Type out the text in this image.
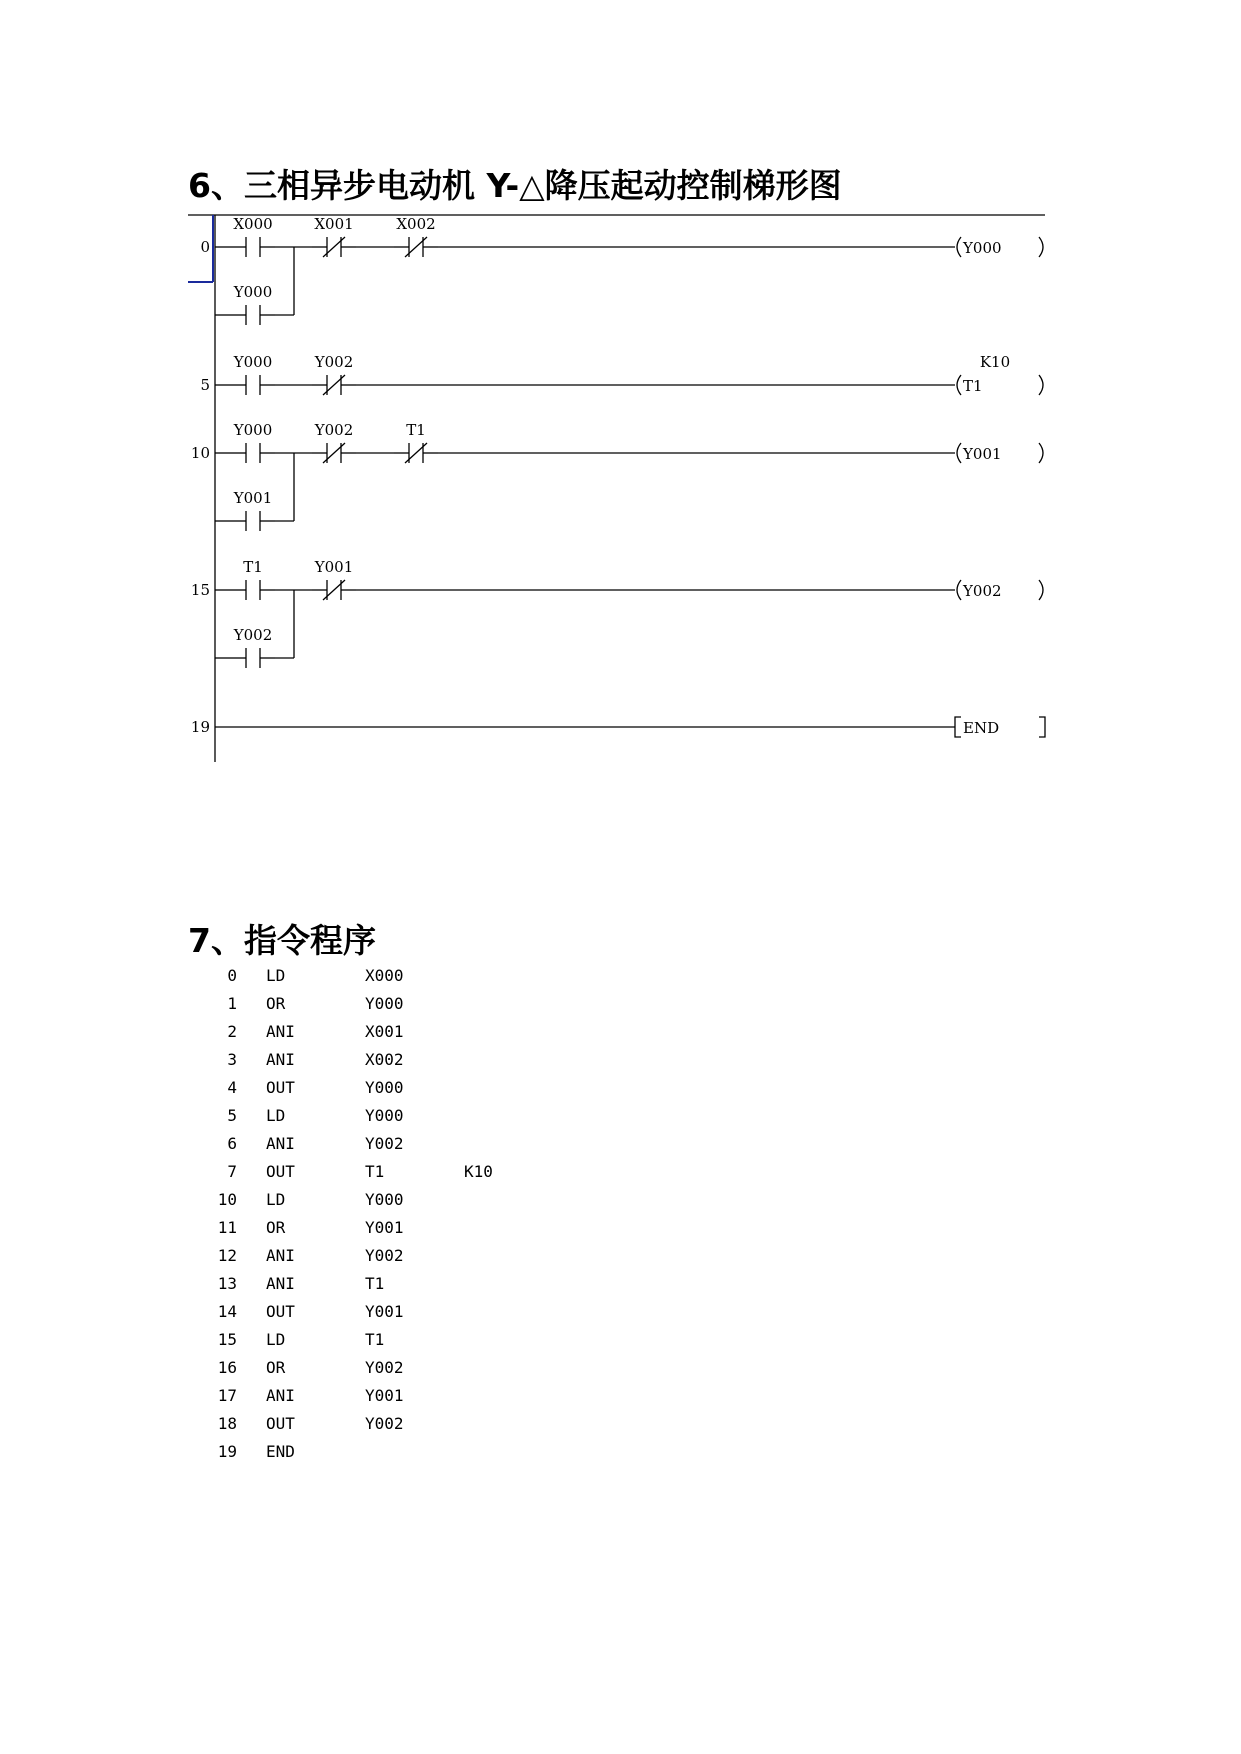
6、三相异步电动机 Y-△降压起动控制梯形图
0
X000	X001	X002
Y000
Y000
5
Y000	Y002
T1
K10
10
Y000	Y002	T1
Y001
Y001
15
T1	Y001
Y002
Y002
19	END
7、指令程序
0 LD	X000
1 OR	Y000
2 ANI	X001
3 ANI	X002
4 OUT	Y000
5 LD	Y000
6 ANI	Y002
7 OUT	T1	K10
10 LD	Y000
11 OR	Y001
12 ANI	Y002
13 ANI	T1
14 OUT	Y001
15 LD	T1
16 OR	Y002
17 ANI	Y001
18 OUT	Y002
19 END
